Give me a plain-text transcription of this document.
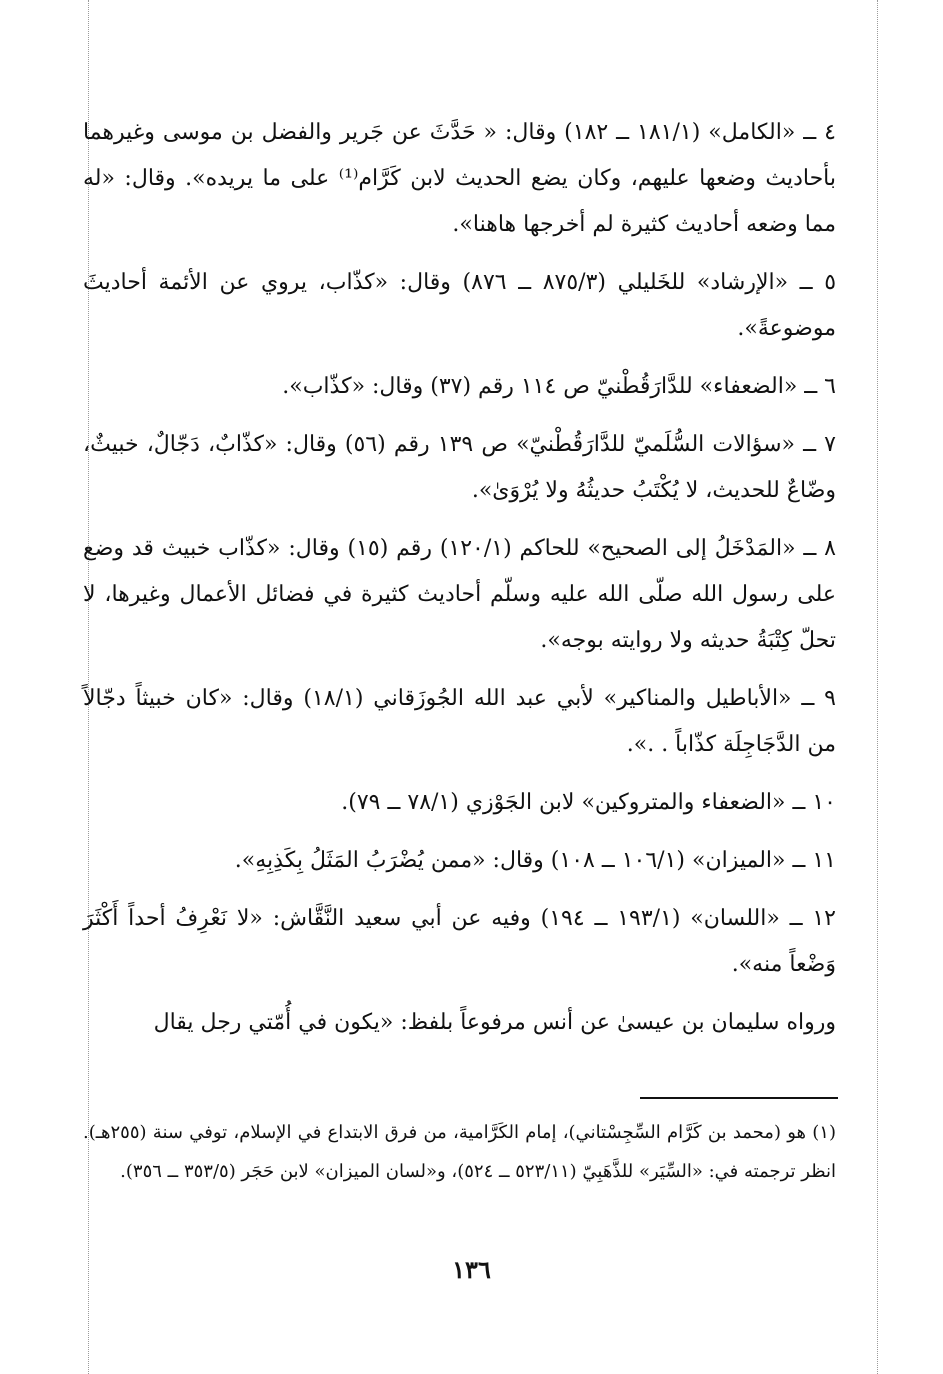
٤ ــ «الكامل» (١٨١/١ ــ ١٨٢) وقال: « حَدَّثَ عن جَرير والفضل بن موسى وغيرهما بأحاديث وضعها عليهم، وكان يضع الحديث لابن كَرَّام⁽¹⁾ على ما يريده». وقال: «له مما وضعه أحاديث كثيرة لم أخرجها هاهنا».

٥ ــ «الإرشاد» للخَليلي (٨٧٥/٣ ــ ٨٧٦) وقال: «كذّاب، يروي عن الأئمة أحاديثَ موضوعةً».

٦ ــ «الضعفاء» للدَّارَقُطْنيّ ص ١١٤ رقم (٣٧) وقال: «كذّاب».

٧ ــ «سؤالات السُّلَميّ للدَّارَقُطْنيّ» ص ١٣٩ رقم (٥٦) وقال: «كذّابٌ، دَجّالٌ، خبيثٌ، وضّاعٌ للحديث، لا يُكْتَبُ حديثُهُ ولا يُرْوَىٰ».

٨ ــ «المَدْخَلُ إلى الصحيح» للحاكم (١٢٠/١) رقم (١٥) وقال: «كذّاب خبيث قد وضع على رسول الله صلّى الله عليه وسلّم أحاديث كثيرة في فضائل الأعمال وغيرها، لا تحلّ كِتْبَةُ حديثه ولا روايته بوجه».

٩ ــ «الأباطيل والمناكير» لأبي عبد الله الجُوزَقاني (١٨/١) وقال: «كان خبيثاً دجّالاً من الدَّجَاجِلَة كذّاباً . .».

١٠ ــ «الضعفاء والمتروكين» لابن الجَوْزي (٧٨/١ ــ ٧٩).

١١ ــ «الميزان» (١٠٦/١ ــ ١٠٨) وقال: «ممن يُضْرَبُ المَثَلُ بِكَذِبِهِ».

١٢ ــ «اللسان» (١٩٣/١ ــ ١٩٤) وفيه عن أبي سعيد النَّقَّاش: «لا نَعْرِفُ أحداً أَكْثَرَ وَضْعاً منه».

ورواه سليمان بن عيسىٰ عن أنس مرفوعاً بلفظ: «يكون في أُمّتي رجل يقال

(١) هو (محمد بن كَرَّام السِّجِسْتاني)، إمام الكَرَّامية، من فرق الابتداع في الإسلام، توفي سنة (٢٥٥هـ). انظر ترجمته في: «السِّيَر» للذَّهَبِيّ (٥٢٣/١١ ــ ٥٢٤)، و«لسان الميزان» لابن حَجَر (٣٥٣/٥ ــ ٣٥٦).

١٣٦
